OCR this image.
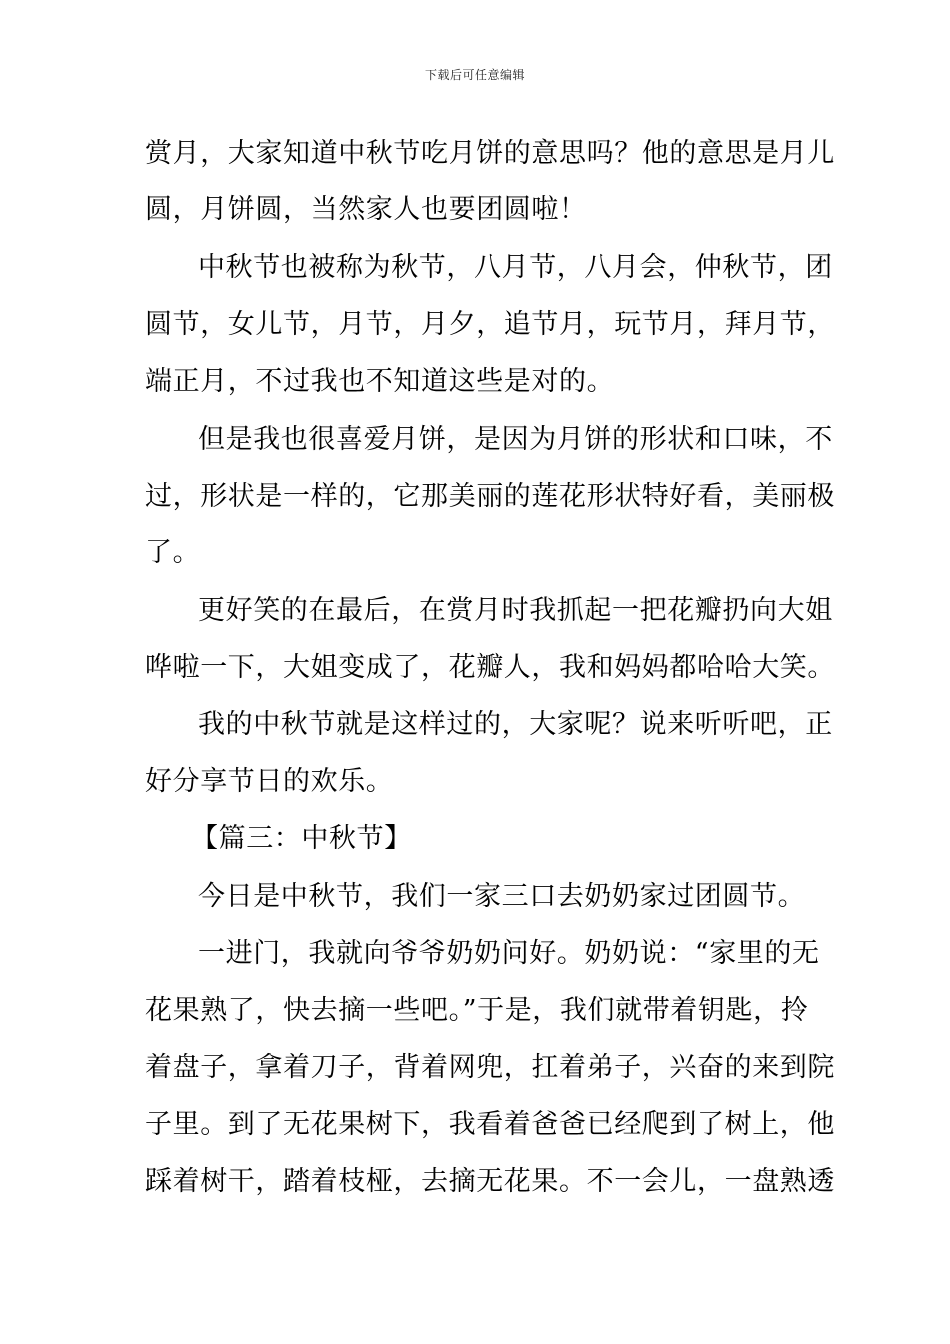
下载后可任意编辑
赏月，大家知道中秋节吃月饼的意思吗？他的意思是月儿
圆，月饼圆，当然家人也要团圆啦！
中秋节也被称为秋节，八月节，八月会，仲秋节，团
圆节，女儿节，月节，月夕，追节月，玩节月，拜月节，
端正月，不过我也不知道这些是对的。
但是我也很喜爱月饼，是因为月饼的形状和口味，不
过，形状是一样的，它那美丽的莲花形状特好看，美丽极
了。
更好笑的在最后，在赏月时我抓起一把花瓣扔向大姐
哗啦一下，大姐变成了，花瓣人，我和妈妈都哈哈大笑。
我的中秋节就是这样过的，大家呢？说来听听吧，正
好分享节日的欢乐。
【篇三：中秋节】
今日是中秋节，我们一家三口去奶奶家过团圆节。
一进门，我就向爷爷奶奶问好。奶奶说：“家里的无
花果熟了，快去摘一些吧。”于是，我们就带着钥匙，拎
着盘子，拿着刀子，背着网兜，扛着弟子，兴奋的来到院
子里。到了无花果树下，我看着爸爸已经爬到了树上，他
踩着树干，踏着枝桠，去摘无花果。不一会儿，一盘熟透
